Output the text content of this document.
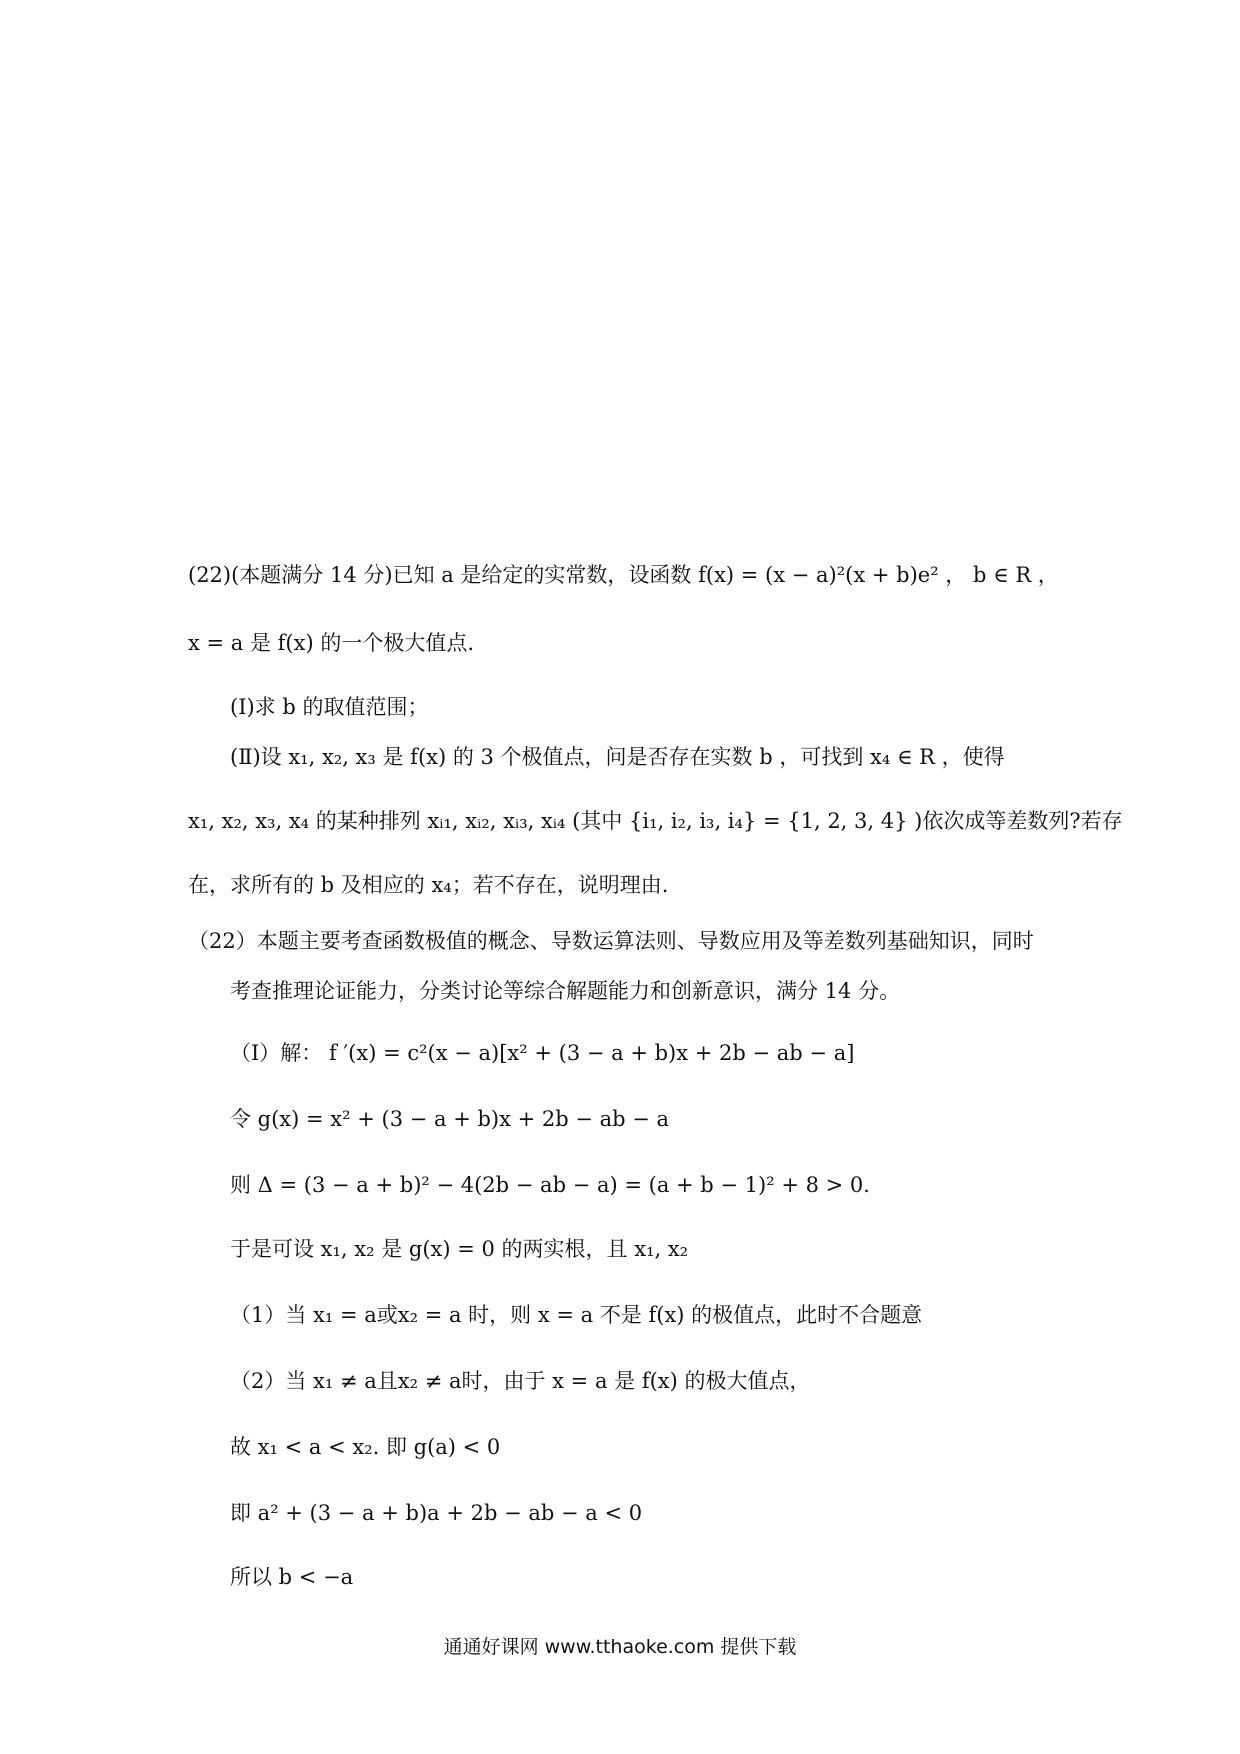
(22)(本题满分 14 分)已知 a 是给定的实常数，设函数 f(x) = (x − a)²(x + b)e² ， b ∈ R ，
x = a 是 f(x) 的一个极大值点.
(Ⅰ)求 b 的取值范围；
(Ⅱ)设 x₁, x₂, x₃ 是 f(x) 的 3 个极值点，问是否存在实数 b ，可找到 x₄ ∈ R ，使得
x₁, x₂, x₃, x₄ 的某种排列 xᵢ₁, xᵢ₂, xᵢ₃, xᵢ₄ (其中 {i₁, i₂, i₃, i₄} = {1, 2, 3, 4} )依次成等差数列?若存
在，求所有的 b 及相应的 x₄；若不存在，说明理由.
（22）本题主要考查函数极值的概念、导数运算法则、导数应用及等差数列基础知识，同时
考查推理论证能力，分类讨论等综合解题能力和创新意识，满分 14 分。
（Ⅰ）解： f ′(x) = c²(x − a)[x² + (3 − a + b)x + 2b − ab − a]
令 g(x) = x² + (3 − a + b)x + 2b − ab − a
则 Δ = (3 − a + b)² − 4(2b − ab − a) = (a + b − 1)² + 8 > 0.
于是可设 x₁, x₂ 是 g(x) = 0 的两实根，且 x₁, x₂
（1）当 x₁ = a或x₂ = a 时，则 x = a 不是 f(x) 的极值点，此时不合题意
（2）当 x₁ ≠ a且x₂ ≠ a时，由于 x = a 是 f(x) 的极大值点，
故 x₁ < a < x₂. 即 g(a) < 0
即 a² + (3 − a + b)a + 2b − ab − a < 0
所以 b < −a
通通好课网 www.tthaoke.com 提供下载
